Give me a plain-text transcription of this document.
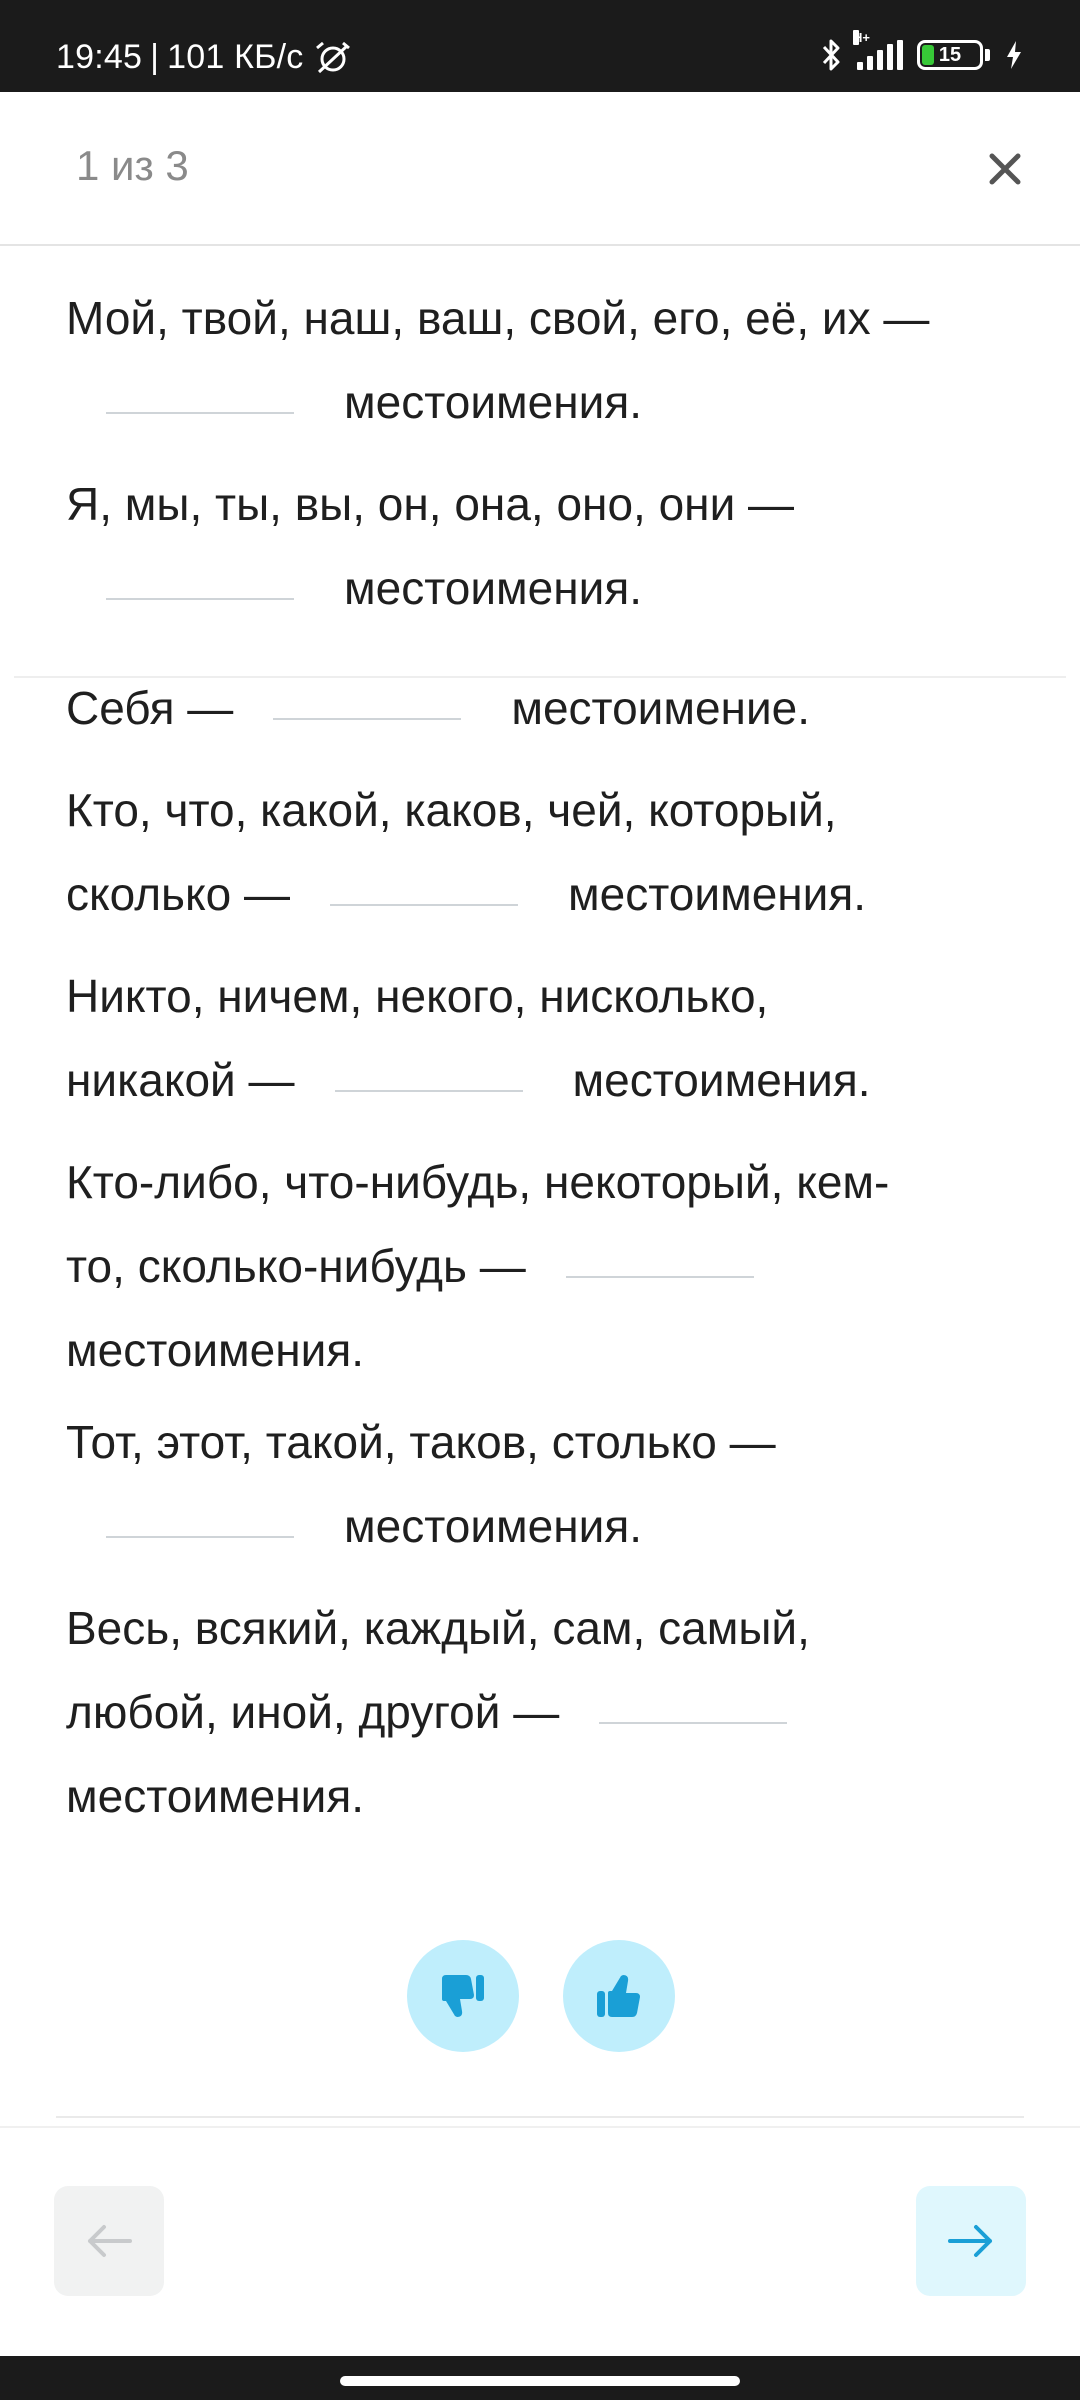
19:45 | 101 КБ/с
H+
15
1 из 3
Мой, твой, наш, ваш, свой, его, её, их —
местоимения.
Я, мы, ты, вы, он, она, оно, они —
местоимения.
Себя —	местоимение.
Кто, что, какой, каков, чей, который,
сколько —	местоимения.
Никто, ничем, некого, нисколько,
никакой —	местоимения.
Кто-либо, что-нибудь, некоторый, кем-
то, сколько-нибудь —
местоимения.
Тот, этот, такой, таков, столько —
местоимения.
Весь, всякий, каждый, сам, самый,
любой, иной, другой —
местоимения.
